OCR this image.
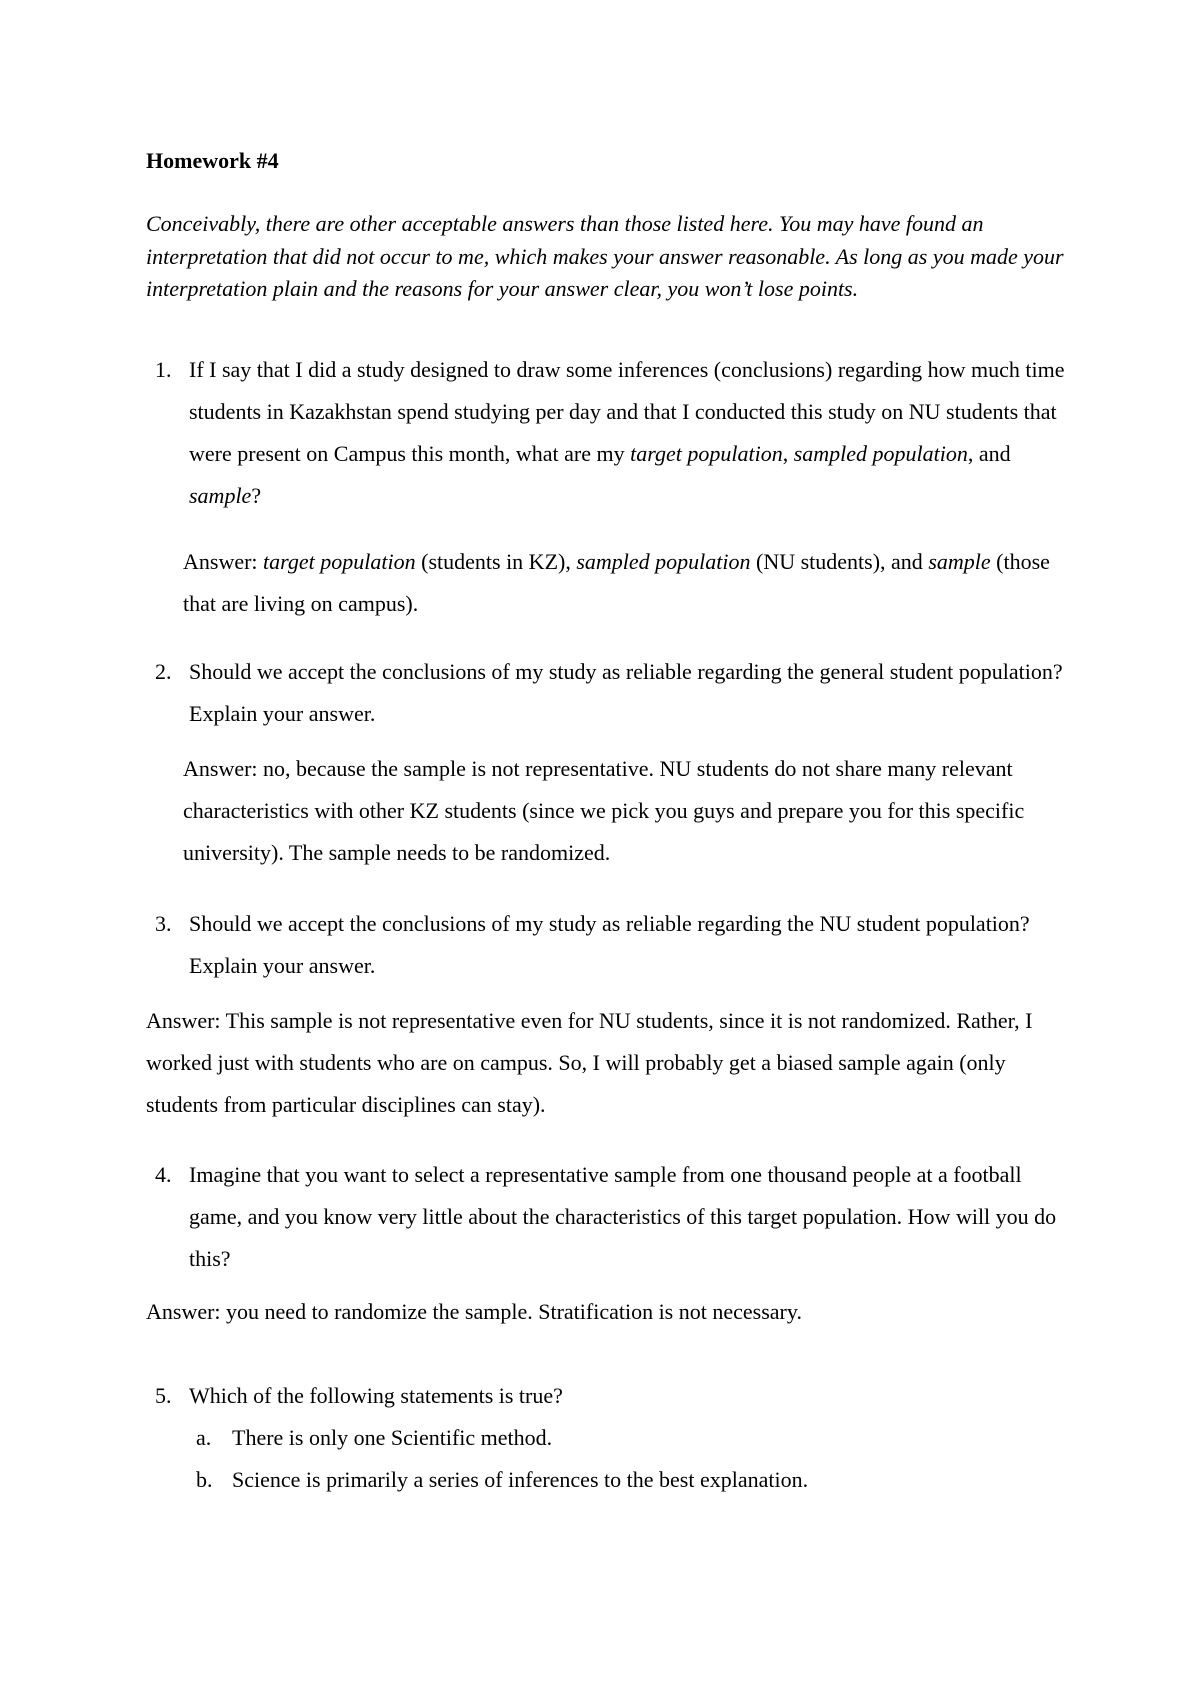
Homework #4
Conceivably, there are other acceptable answers than those listed here. You may have found an interpretation that did not occur to me, which makes your answer reasonable. As long as you made your interpretation plain and the reasons for your answer clear, you won’t lose points.
1. If I say that I did a study designed to draw some inferences (conclusions) regarding how much time students in Kazakhstan spend studying per day and that I conducted this study on NU students that were present on Campus this month, what are my target population, sampled population, and sample?
Answer: target population (students in KZ), sampled population (NU students), and sample (those that are living on campus).
2. Should we accept the conclusions of my study as reliable regarding the general student population? Explain your answer.
Answer: no, because the sample is not representative. NU students do not share many relevant characteristics with other KZ students (since we pick you guys and prepare you for this specific university). The sample needs to be randomized.
3. Should we accept the conclusions of my study as reliable regarding the NU student population? Explain your answer.
Answer: This sample is not representative even for NU students, since it is not randomized. Rather, I worked just with students who are on campus. So, I will probably get a biased sample again (only students from particular disciplines can stay).
4. Imagine that you want to select a representative sample from one thousand people at a football game, and you know very little about the characteristics of this target population. How will you do this?
Answer: you need to randomize the sample. Stratification is not necessary.
5. Which of the following statements is true?
a. There is only one Scientific method.
b. Science is primarily a series of inferences to the best explanation.
